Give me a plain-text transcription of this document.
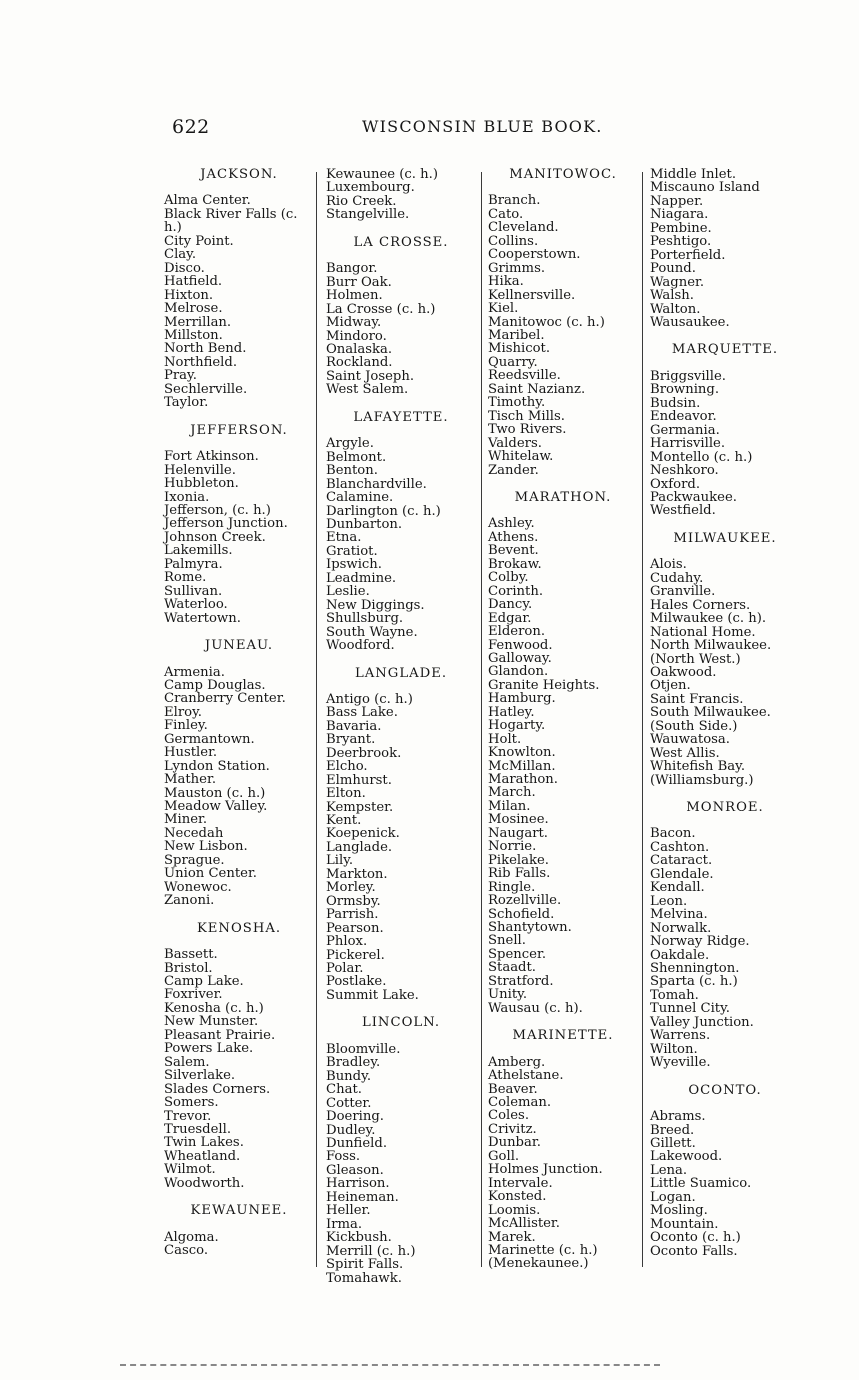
622	WISCONSIN BLUE BOOK.
JACKSON.
Alma Center.
Black River Falls (c. h.)
City Point.
Clay.
Disco.
Hatfield.
Hixton.
Melrose.
Merrillan.
Millston.
North Bend.
Northfield.
Pray.
Sechlerville.
Taylor.
JEFFERSON.
Fort Atkinson.
Helenville.
Hubbleton.
Ixonia.
Jefferson, (c. h.)
Jefferson Junction.
Johnson Creek.
Lakemills.
Palmyra.
Rome.
Sullivan.
Waterloo.
Watertown.
JUNEAU.
Armenia.
Camp Douglas.
Cranberry Center.
Elroy.
Finley.
Germantown.
Hustler.
Lyndon Station.
Mather.
Mauston (c. h.)
Meadow Valley.
Miner.
Necedah
New Lisbon.
Sprague.
Union Center.
Wonewoc.
Zanoni.
KENOSHA.
Bassett.
Bristol.
Camp Lake.
Foxriver.
Kenosha (c. h.)
New Munster.
Pleasant Prairie.
Powers Lake.
Salem.
Silverlake.
Slades Corners.
Somers.
Trevor.
Truesdell.
Twin Lakes.
Wheatland.
Wilmot.
Woodworth.
KEWAUNEE.
Algoma.
Casco.
Kewaunee (c. h.)
Luxembourg.
Rio Creek.
Stangelville.
LA CROSSE.
Bangor.
Burr Oak.
Holmen.
La Crosse (c. h.)
Midway.
Mindoro.
Onalaska.
Rockland.
Saint Joseph.
West Salem.
LAFAYETTE.
Argyle.
Belmont.
Benton.
Blanchardville.
Calamine.
Darlington (c. h.)
Dunbarton.
Etna.
Gratiot.
Ipswich.
Leadmine.
Leslie.
New Diggings.
Shullsburg.
South Wayne.
Woodford.
LANGLADE.
Antigo (c. h.)
Bass Lake.
Bavaria.
Bryant.
Deerbrook.
Elcho.
Elmhurst.
Elton.
Kempster.
Kent.
Koepenick.
Langlade.
Lily.
Markton.
Morley.
Ormsby.
Parrish.
Pearson.
Phlox.
Pickerel.
Polar.
Postlake.
Summit Lake.
LINCOLN.
Bloomville.
Bradley.
Bundy.
Chat.
Cotter.
Doering.
Dudley.
Dunfield.
Foss.
Gleason.
Harrison.
Heineman.
Heller.
Irma.
Kickbush.
Merrill (c. h.)
Spirit Falls.
Tomahawk.
MANITOWOC.
Branch.
Cato.
Cleveland.
Collins.
Cooperstown.
Grimms.
Hika.
Kellnersville.
Kiel.
Manitowoc (c. h.)
Maribel.
Mishicot.
Quarry.
Reedsville.
Saint Nazianz.
Timothy.
Tisch Mills.
Two Rivers.
Valders.
Whitelaw.
Zander.
MARATHON.
Ashley.
Athens.
Bevent.
Brokaw.
Colby.
Corinth.
Dancy.
Edgar.
Elderon.
Fenwood.
Galloway.
Glandon.
Granite Heights.
Hamburg.
Hatley.
Hogarty.
Holt.
Knowlton.
McMillan.
Marathon.
March.
Milan.
Mosinee.
Naugart.
Norrie.
Pikelake.
Rib Falls.
Ringle.
Rozellville.
Schofield.
Shantytown.
Snell.
Spencer.
Staadt.
Stratford.
Unity.
Wausau (c. h).
MARINETTE.
Amberg.
Athelstane.
Beaver.
Coleman.
Coles.
Crivitz.
Dunbar.
Goll.
Holmes Junction.
Intervale.
Konsted.
Loomis.
McAllister.
Marek.
Marinette (c. h.)
(Menekaunee.)
Middle Inlet.
Miscauno Island
Napper.
Niagara.
Pembine.
Peshtigo.
Porterfield.
Pound.
Wagner.
Walsh.
Walton.
Wausaukee.
MARQUETTE.
Briggsville.
Browning.
Budsin.
Endeavor.
Germania.
Harrisville.
Montello (c. h.)
Neshkoro.
Oxford.
Packwaukee.
Westfield.
MILWAUKEE.
Alois.
Cudahy.
Granville.
Hales Corners.
Milwaukee (c. h).
National Home.
North Milwaukee.
(North West.)
Oakwood.
Otjen.
Saint Francis.
South Milwaukee.
(South Side.)
Wauwatosa.
West Allis.
Whitefish Bay.
(Williamsburg.)
MONROE.
Bacon.
Cashton.
Cataract.
Glendale.
Kendall.
Leon.
Melvina.
Norwalk.
Norway Ridge.
Oakdale.
Shennington.
Sparta (c. h.)
Tomah.
Tunnel City.
Valley Junction.
Warrens.
Wilton.
Wyeville.
OCONTO.
Abrams.
Breed.
Gillett.
Lakewood.
Lena.
Little Suamico.
Logan.
Mosling.
Mountain.
Oconto (c. h.)
Oconto Falls.
